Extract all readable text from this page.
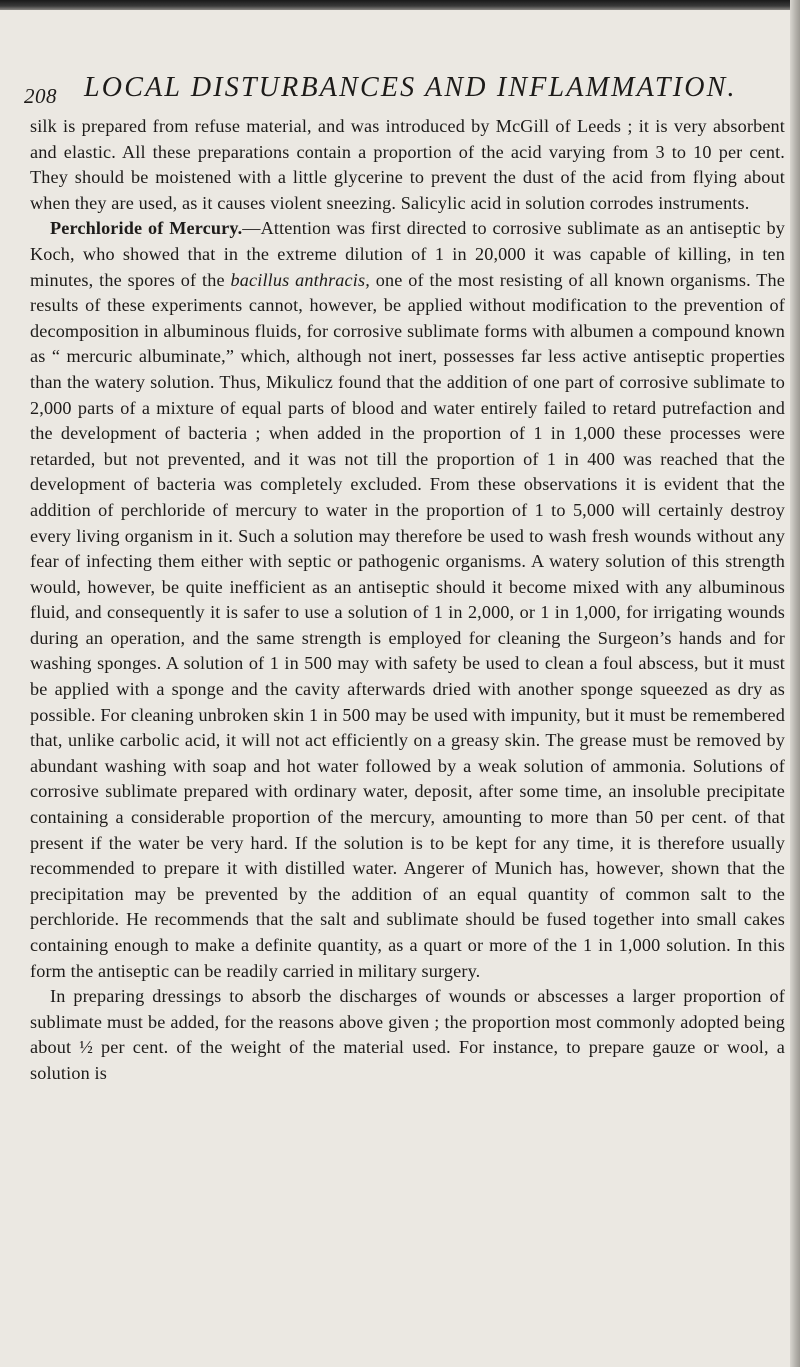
208 LOCAL DISTURBANCES AND INFLAMMATION.

silk is prepared from refuse material, and was introduced by McGill of Leeds ; it is very absorbent and elastic. All these preparations contain a proportion of the acid varying from 3 to 10 per cent. They should be moistened with a little glycerine to prevent the dust of the acid from flying about when they are used, as it causes violent sneezing. Salicylic acid in solution corrodes instruments.

Perchloride of Mercury.—Attention was first directed to corrosive sublimate as an antiseptic by Koch, who showed that in the extreme dilution of 1 in 20,000 it was capable of killing, in ten minutes, the spores of the bacillus anthracis, one of the most resisting of all known organisms. The results of these experiments cannot, however, be applied without modification to the prevention of decomposition in albuminous fluids, for corrosive sublimate forms with albumen a compound known as “ mercuric albuminate,” which, although not inert, possesses far less active antiseptic properties than the watery solution. Thus, Mikulicz found that the addition of one part of corrosive sublimate to 2,000 parts of a mixture of equal parts of blood and water entirely failed to retard putrefaction and the development of bacteria ; when added in the proportion of 1 in 1,000 these processes were retarded, but not prevented, and it was not till the proportion of 1 in 400 was reached that the development of bacteria was completely excluded. From these observations it is evident that the addition of perchloride of mercury to water in the proportion of 1 to 5,000 will certainly destroy every living organism in it. Such a solution may therefore be used to wash fresh wounds without any fear of infecting them either with septic or pathogenic organisms. A watery solution of this strength would, however, be quite inefficient as an antiseptic should it become mixed with any albuminous fluid, and consequently it is safer to use a solution of 1 in 2,000, or 1 in 1,000, for irrigating wounds during an operation, and the same strength is employed for cleaning the Surgeon’s hands and for washing sponges. A solution of 1 in 500 may with safety be used to clean a foul abscess, but it must be applied with a sponge and the cavity afterwards dried with another sponge squeezed as dry as possible. For cleaning unbroken skin 1 in 500 may be used with impunity, but it must be remembered that, unlike carbolic acid, it will not act efficiently on a greasy skin. The grease must be removed by abundant washing with soap and hot water followed by a weak solution of ammonia. Solutions of corrosive sublimate prepared with ordinary water, deposit, after some time, an insoluble precipitate containing a considerable proportion of the mercury, amounting to more than 50 per cent. of that present if the water be very hard. If the solution is to be kept for any time, it is therefore usually recommended to prepare it with distilled water. Angerer of Munich has, however, shown that the precipitation may be prevented by the addition of an equal quantity of common salt to the perchloride. He recommends that the salt and sublimate should be fused together into small cakes containing enough to make a definite quantity, as a quart or more of the 1 in 1,000 solution. In this form the antiseptic can be readily carried in military surgery.

In preparing dressings to absorb the discharges of wounds or abscesses a larger proportion of sublimate must be added, for the reasons above given ; the proportion most commonly adopted being about ½ per cent. of the weight of the material used. For instance, to prepare gauze or wool, a solution is
